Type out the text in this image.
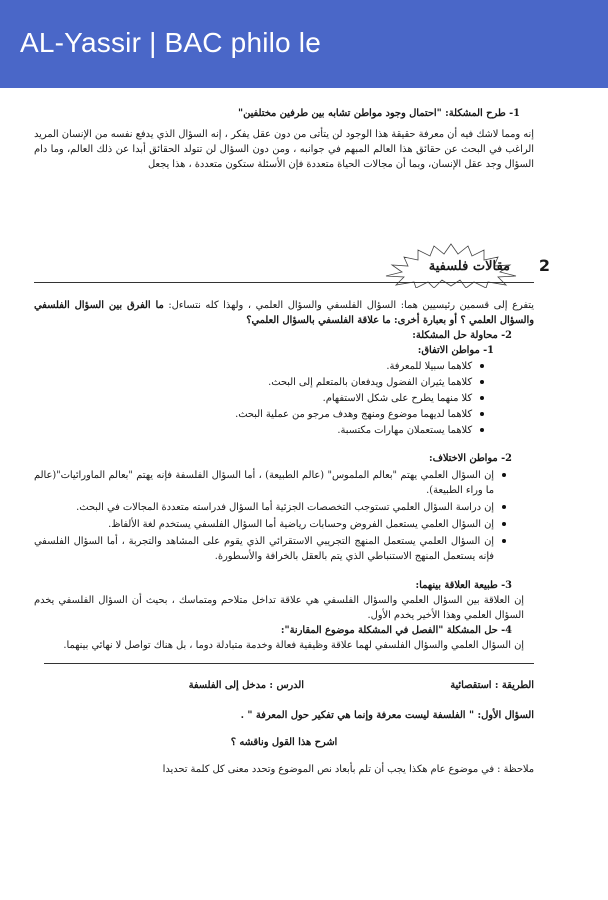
AL-Yassir | BAC philo le
1- طرح المشكلة: "احتمال وجود مواطن تشابه بين طرفين مختلفين"
إنه ومما لاشك فيه أن معرفة حقيقة هذا الوجود لن يتأتى من دون عقل يفكر ، إنه السؤال الذي يدفع نفسه من الإنسان المريد الراغب في البحث عن حقائق هذا العالم المبهم في جوانبه ، ومن دون السؤال لن تتولد الحقائق أبدا عن ذلك العالم، وما دام السؤال وجد عقل الإنسان، وبما أن مجالات الحياة متعددة فإن الأسئلة ستكون متعددة ، هذا يجعل
2
مقالات فلسفية
يتفرع إلى قسمين رئيسيين هما: السؤال الفلسفي والسؤال العلمي ، ولهذا كله نتساءل: ما الفرق بين السؤال الفلسفي والسؤال العلمي ؟ أو بعبارة أخرى: ما علاقة الفلسفي بالسؤال العلمي؟
2- محاولة حل المشكلة:
1- مواطن الاتفاق:
كلاهما سبيلا للمعرفة.
كلاهما يثيران الفضول ويدفعان بالمتعلم إلى البحث.
كلا منهما يطرح على شكل الاستفهام.
كلاهما لديهما موضوع ومنهج وهدف مرجو من عملية البحث.
كلاهما يستعملان مهارات مكتسبة.
2- مواطن الاختلاف:
إن السؤال العلمي يهتم "بعالم الملموس" (عالم الطبيعة) ، أما السؤال الفلسفة فإنه يهتم "بعالم الماورائيات"(عالم ما وراء الطبيعة).
إن دراسة السؤال العلمي تستوجب التخصصات الجزئية أما السؤال فدراسته متعددة المجالات في البحث.
إن السؤال العلمي يستعمل الفروض وحسابات رياضية أما السؤال الفلسفي يستخدم لغة الألفاظ.
إن السؤال العلمي يستعمل المنهج التجريبي الاستقرائي الذي يقوم على المشاهد والتجربة ، أما السؤال الفلسفي فإنه يستعمل المنهج الاستنباطي الذي يتم بالعقل بالخرافة والأسطورة.
3- طبيعة العلاقة بينهما:
إن العلاقة بين السؤال العلمي والسؤال الفلسفي هي علاقة تداخل متلاحم ومتماسك ، بحيث أن السؤال الفلسفي يخدم السؤال العلمي وهذا الأخير يخدم الأول.
4- حل المشكلة "الفصل في المشكلة موضوع المقارنة":
إن السؤال العلمي والسؤال الفلسفي لهما علاقة وظيفية فعالة وخدمة متبادلة دوما ، بل هناك تواصل لا نهائي بينهما.
الطريقة : استقصائية
الدرس : مدخل إلى الفلسفة
السؤال الأول: " الفلسفة ليست معرفة وإنما هي تفكير حول المعرفة " .
اشرح هذا القول وناقشه ؟
ملاحظة : في موضوع عام هكذا يجب أن تلم بأبعاد نص الموضوع وتحدد معنى كل كلمة تحديدا
